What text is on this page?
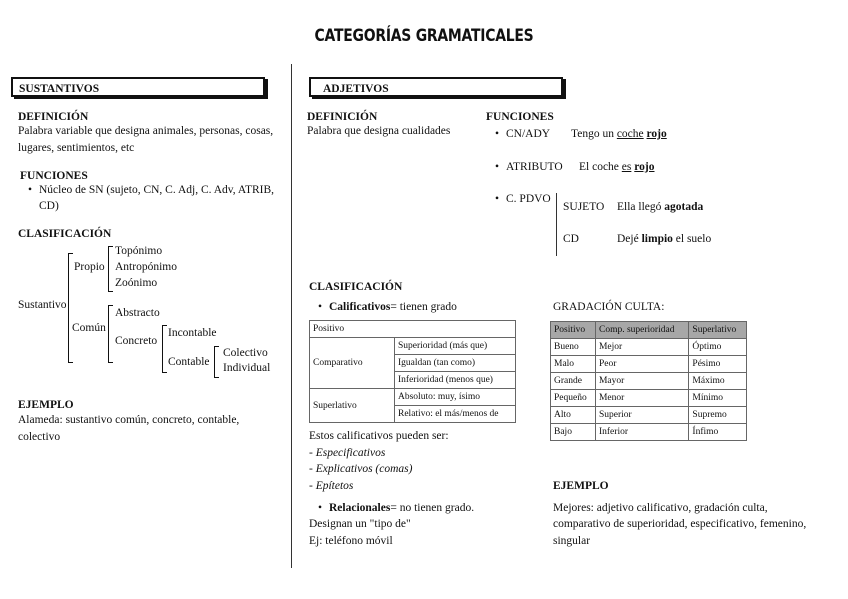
CATEGORÍAS GRAMATICALES
SUSTANTIVOS
DEFINICIÓN
Palabra variable que designa animales, personas, cosas,
lugares, sentimientos, etc
FUNCIONES
• Núcleo de SN (sujeto, CN, C. Adj, C. Adv, ATRIB,
CD)
CLASIFICACIÓN
Sustantivo
Propio
Topónimo
Antropónimo
Zoónimo
Común
Abstracto
Concreto
Incontable
Contable
Colectivo
Individual
EJEMPLO
Alameda: sustantivo común, concreto, contable,
colectivo
ADJETIVOS
DEFINICIÓN
Palabra que designa cualidades
FUNCIONES
• CN/ADY Tengo un coche rojo
• ATRIBUTO El coche es rojo
• C. PDVO
SUJETO Ella llegó agotada
CD	Dejé limpio el suelo
CLASIFICACIÓN
• Calificativos= tienen grado
Positivo	
Comparativo	Superioridad (más que)
	Igualdan (tan como)
	Inferioridad (menos que)
Superlativo	Absoluto: muy, ísimo
	Relativo: el más/menos de
GRADACIÓN CULTA:
Positivo	Comp. superioridad	Superlativo
Bueno	Mejor	Óptimo
Malo	Peor	Pésimo
Grande	Mayor	Máximo
Pequeño	Menor	Mínimo
Alto	Superior	Supremo
Bajo	Inferior	Ínfimo
Estos calificativos pueden ser:
- Especificativos
- Explicativos (comas)
- Epítetos
• Relacionales= no tienen grado.
Designan un "tipo de"
Ej: teléfono móvil
EJEMPLO
Mejores: adjetivo calificativo, gradación culta,
comparativo de superioridad, especificativo, femenino,
singular
